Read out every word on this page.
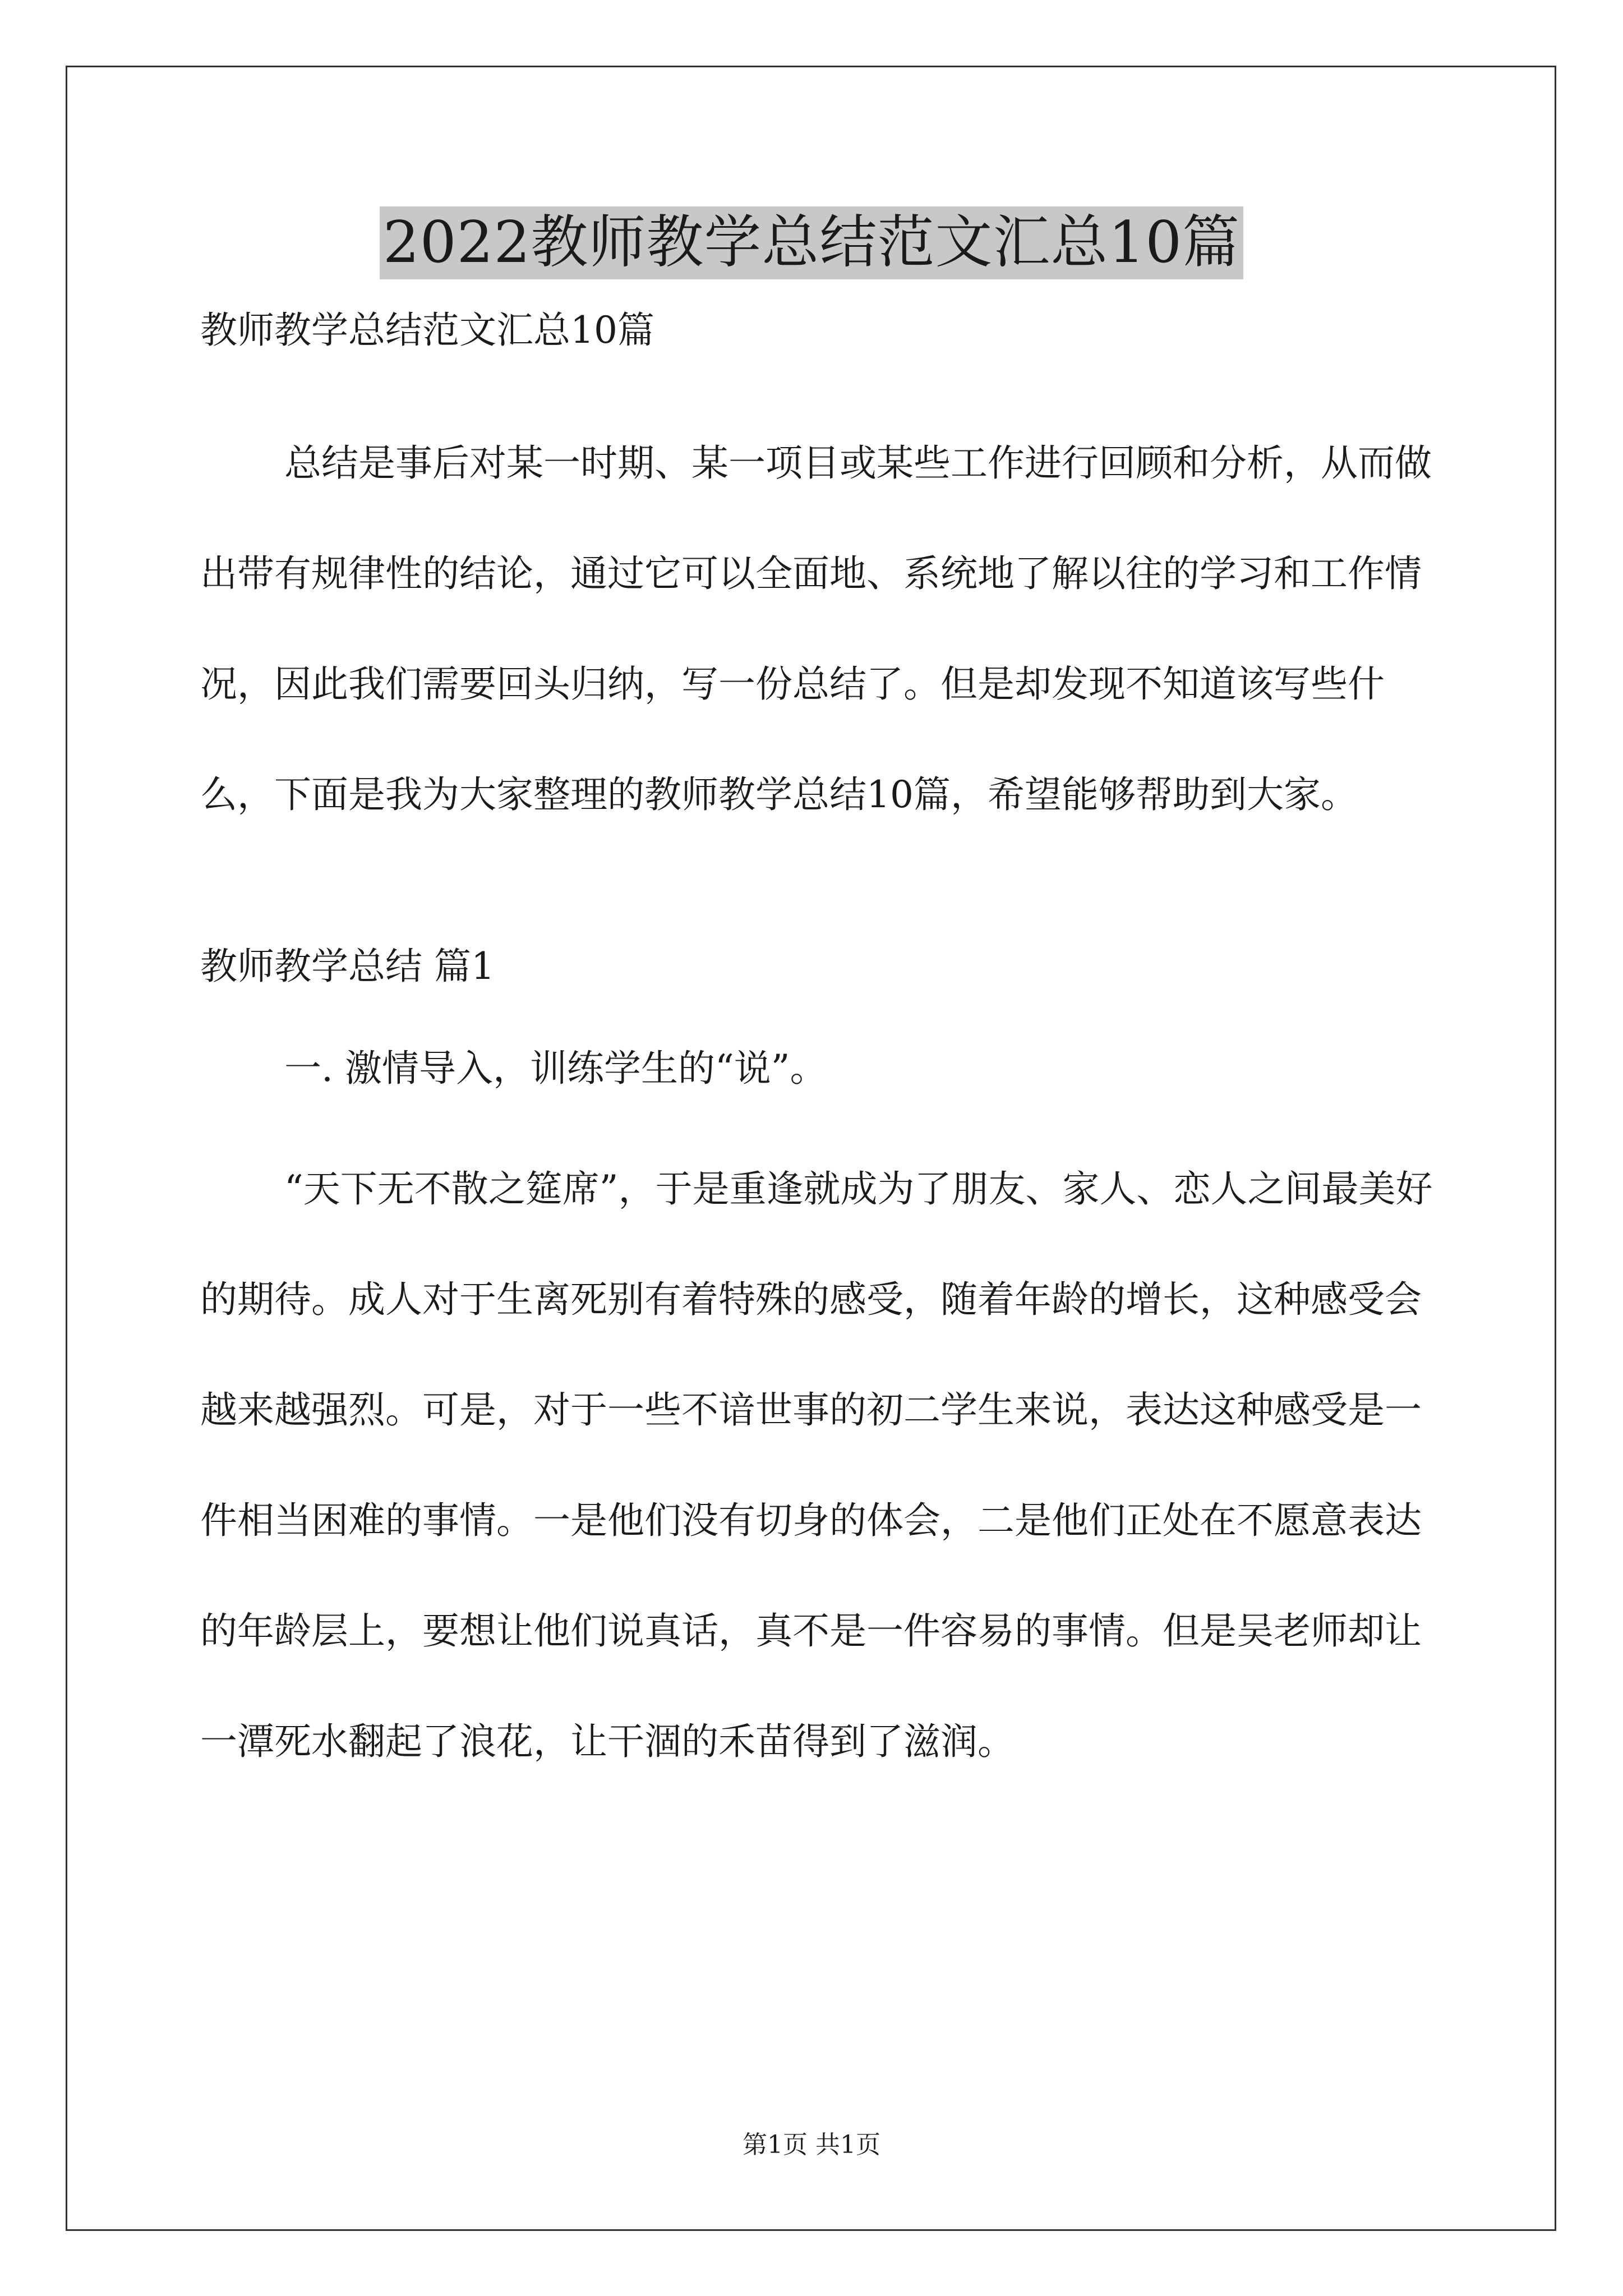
2022教师教学总结范文汇总10篇

教师教学总结范文汇总10篇

总结是事后对某一时期、某一项目或某些工作进行回顾和分析，从而做出带有规律性的结论，通过它可以全面地、系统地了解以往的学习和工作情况，因此我们需要回头归纳，写一份总结了。但是却发现不知道该写些什么，下面是我为大家整理的教师教学总结10篇，希望能够帮助到大家。

教师教学总结 篇1

一. 激情导入，训练学生的“说”。

“天下无不散之筵席”，于是重逢就成为了朋友、家人、恋人之间最美好的期待。成人对于生离死别有着特殊的感受，随着年龄的增长，这种感受会越来越强烈。可是，对于一些不谙世事的初二学生来说，表达这种感受是一件相当困难的事情。一是他们没有切身的体会，二是他们正处在不愿意表达的年龄层上，要想让他们说真话，真不是一件容易的事情。但是吴老师却让一潭死水翻起了浪花，让干涸的禾苗得到了滋润。

第1页 共1页
